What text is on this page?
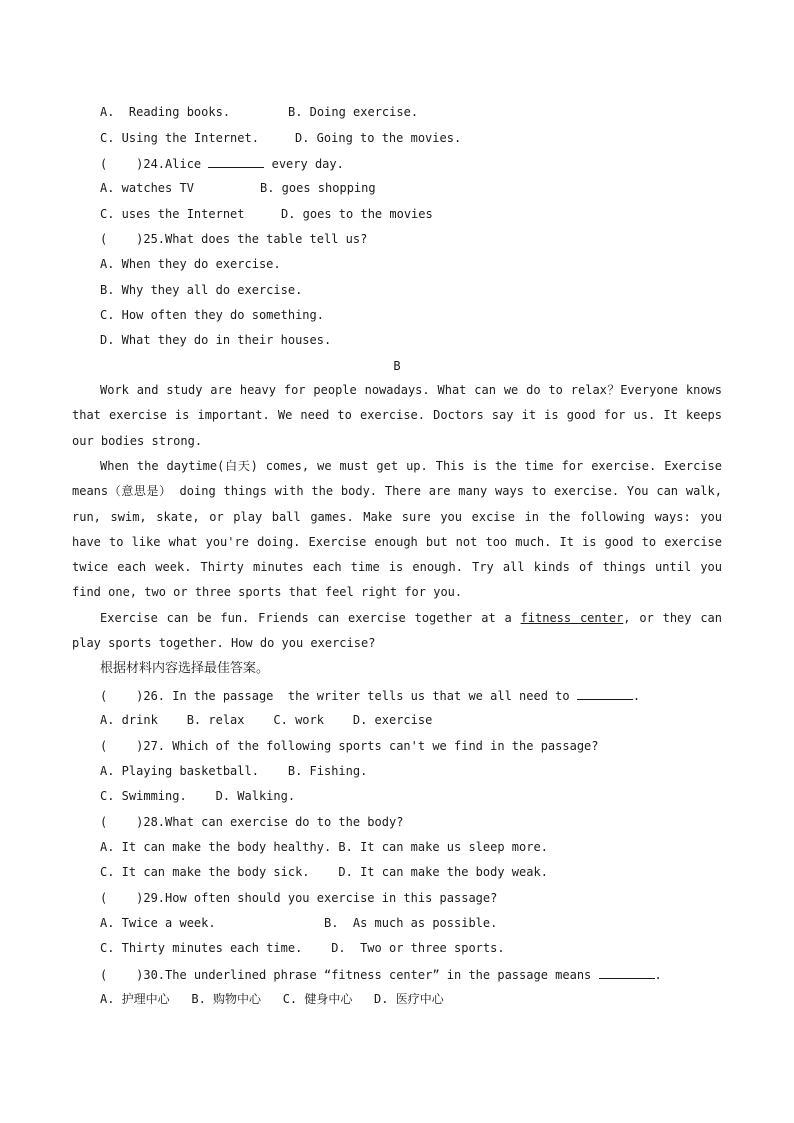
A.  Reading books.	B. Doing exercise.
C. Using the Internet.	D. Going to the movies.
(    )24.Alice	every day.
A. watches TV	B. goes shopping
C. uses the Internet	D. goes to the movies
(    )25.What does the table tell us?
A. When they do exercise.
B. Why they all do exercise.
C. How often they do something.
D. What they do in their houses.
B
Work and study are heavy for people nowadays. What can we do to relax？Everyone knows that exercise is important. We need to exercise. Doctors say it is good for us. It keeps our bodies strong.
When the daytime(白天) comes, we must get up. This is the time for exercise. Exercise means（意思是） doing things with the body. There are many ways to exercise. You can walk, run, swim, skate, or play ball games. Make sure you excise in the following ways: you have to like what you're doing. Exercise enough but not too much. It is good to exercise twice each week. Thirty minutes each time is enough. Try all kinds of things until you find one, two or three sports that feel right for you.
Exercise can be fun. Friends can exercise together at a fitness center, or they can play sports together. How do you exercise?
根据材料内容选择最佳答案。
(    )26. In the passage  the writer tells us that we all need to	.
A. drink    B. relax    C. work    D. exercise
(    )27. Which of the following sports can't we find in the passage?
A. Playing basketball.    B. Fishing.
C. Swimming.    D. Walking.
(    )28.What can exercise do to the body?
A. It can make the body healthy. B. It can make us sleep more.
C. It can make the body sick.    D. It can make the body weak.
(    )29.How often should you exercise in this passage?
A. Twice a week.               B.  As much as possible.
C. Thirty minutes each time.    D.  Two or three sports.
(    )30.The underlined phrase “fitness center” in the passage means	.
A. 护理中心   B. 购物中心   C. 健身中心   D. 医疗中心
